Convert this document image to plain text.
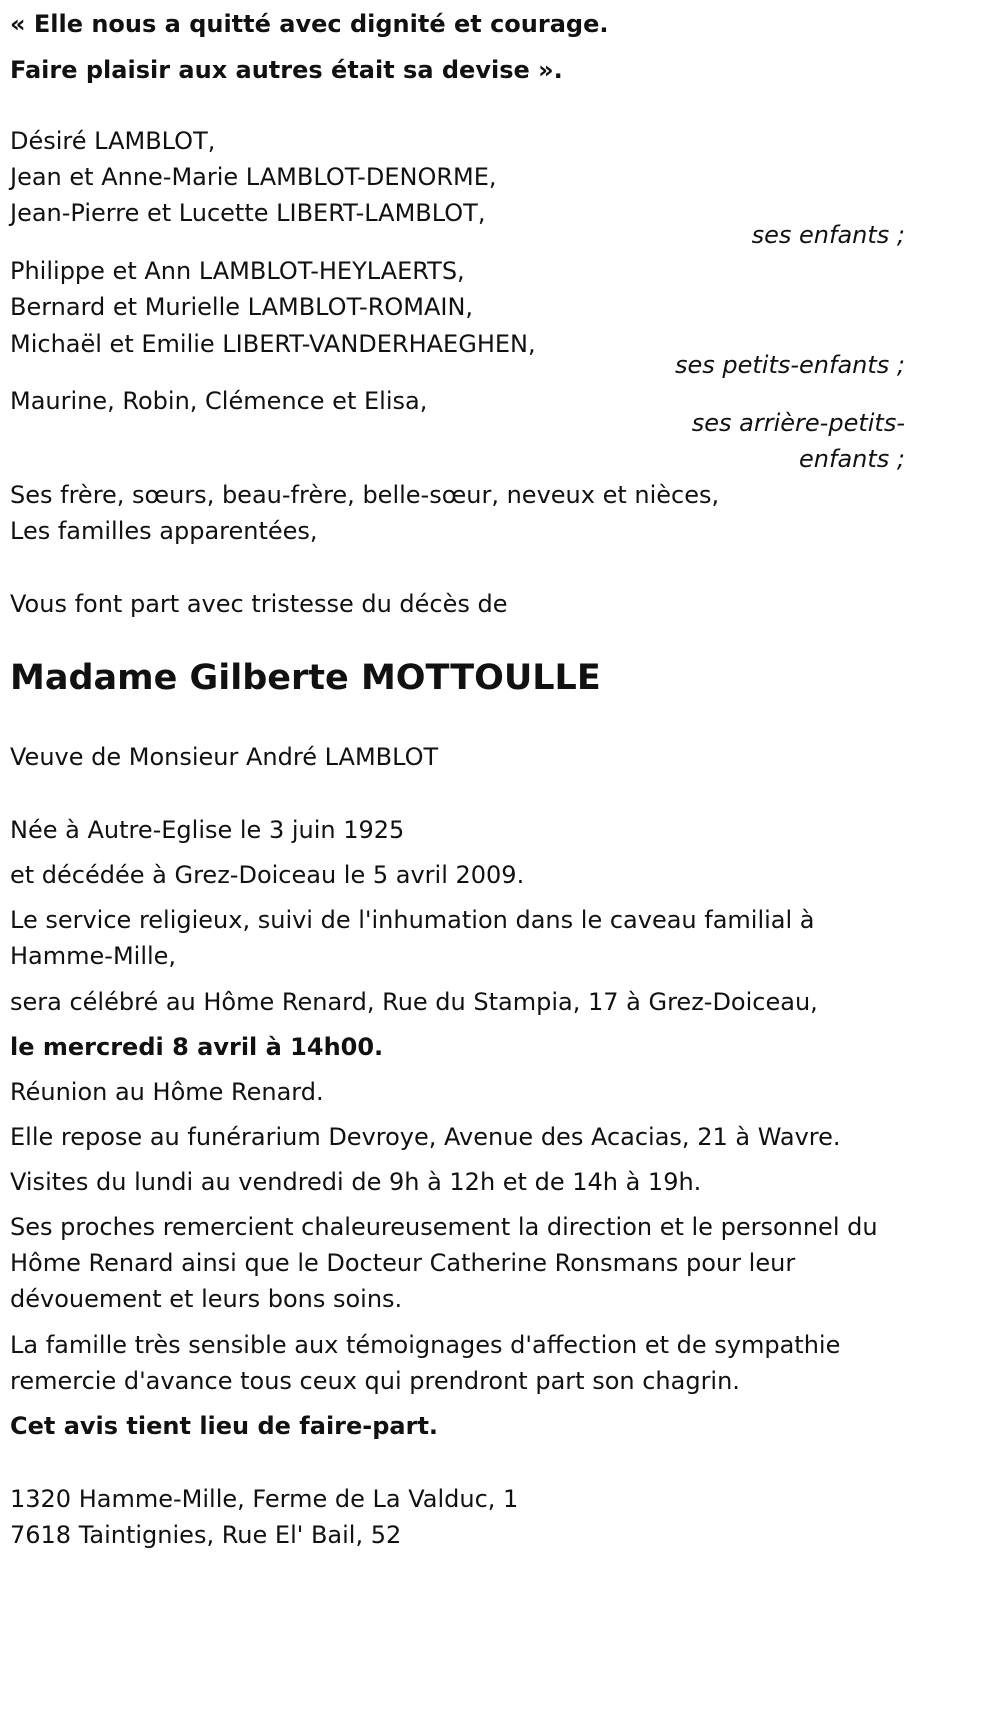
« Elle nous a quitté avec dignité et courage.
Faire plaisir aux autres était sa devise ».
Désiré LAMBLOT,
Jean et Anne-Marie LAMBLOT-DENORME,
Jean-Pierre et Lucette LIBERT-LAMBLOT,
ses enfants ;
Philippe et Ann LAMBLOT-HEYLAERTS,
Bernard et Murielle LAMBLOT-ROMAIN,
Michaël et Emilie LIBERT-VANDERHAEGHEN,
ses petits-enfants ;
Maurine, Robin, Clémence et Elisa,
ses arrière-petits-
enfants ;
Ses frère, sœurs, beau-frère, belle-sœur, neveux et nièces,
Les familles apparentées,
Vous font part avec tristesse du décès de
Madame Gilberte MOTTOULLE
Veuve de Monsieur André LAMBLOT
Née à Autre-Eglise le 3 juin 1925
et décédée à Grez-Doiceau le 5 avril 2009.
Le service religieux, suivi de l'inhumation dans le caveau familial à Hamme-Mille,
sera célébré au Hôme Renard, Rue du Stampia, 17 à Grez-Doiceau,
le mercredi 8 avril à 14h00.
Réunion au Hôme Renard.
Elle repose au funérarium Devroye, Avenue des Acacias, 21 à Wavre.
Visites du lundi au vendredi de 9h à 12h et de 14h à 19h.
Ses proches remercient chaleureusement la direction et le personnel du Hôme Renard ainsi que le Docteur Catherine Ronsmans pour leur dévouement et leurs bons soins.
La famille très sensible aux témoignages d'affection et de sympathie remercie d'avance tous ceux qui prendront part son chagrin.
Cet avis tient lieu de faire-part.
1320 Hamme-Mille, Ferme de La Valduc, 1
7618 Taintignies, Rue El' Bail, 52
